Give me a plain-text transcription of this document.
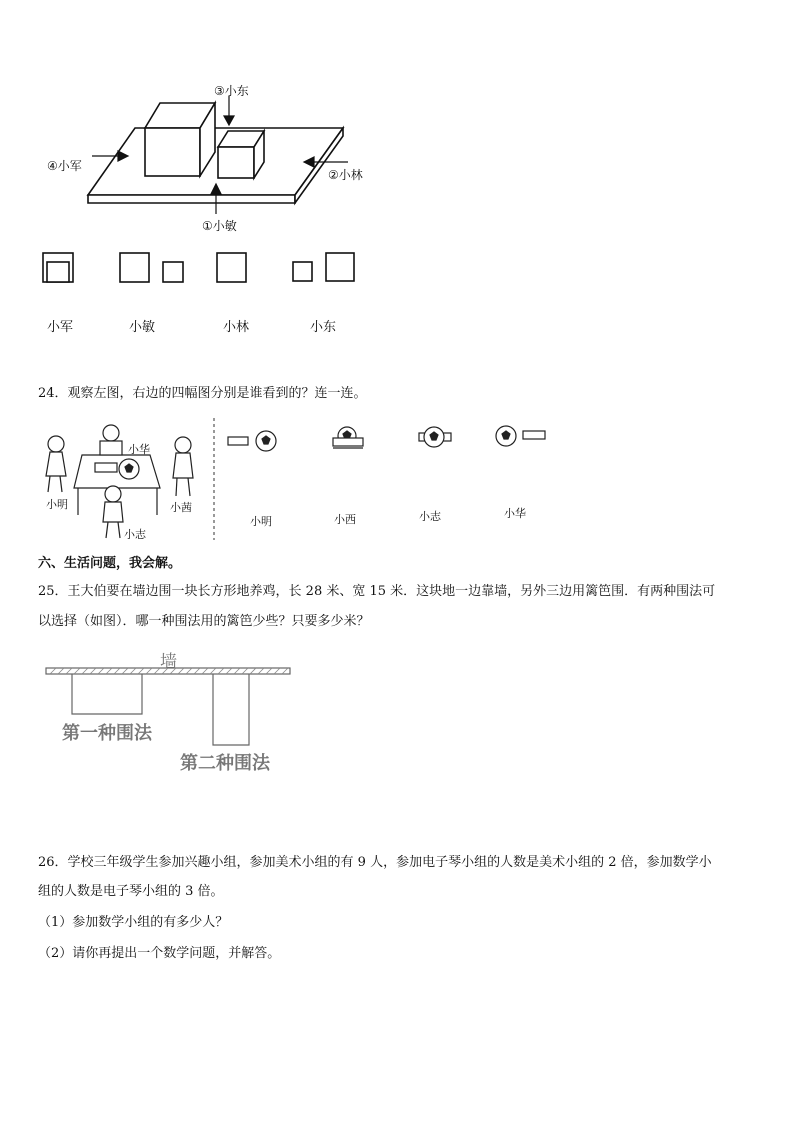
③小东
④小军
②小林
①小敏
小军	小敏	小林	小东
24．观察左图，右边的四幅图分别是谁看到的？连一连。
小华
小明	小茜
小志
小明	小西	小志	小华
六、生活问题，我会解。
25．王大伯要在墙边围一块长方形地养鸡，长 28 米、宽 15 米．这块地一边靠墙，另外三边用篱笆围．有两种围法可
以选择（如图）．哪一种围法用的篱笆少些？只要多少米？
墙
第一种围法
第二种围法
26．学校三年级学生参加兴趣小组，参加美术小组的有 9 人，参加电子琴小组的人数是美术小组的 2 倍，参加数学小
组的人数是电子琴小组的 3 倍。
（1）参加数学小组的有多少人？
（2）请你再提出一个数学问题，并解答。
